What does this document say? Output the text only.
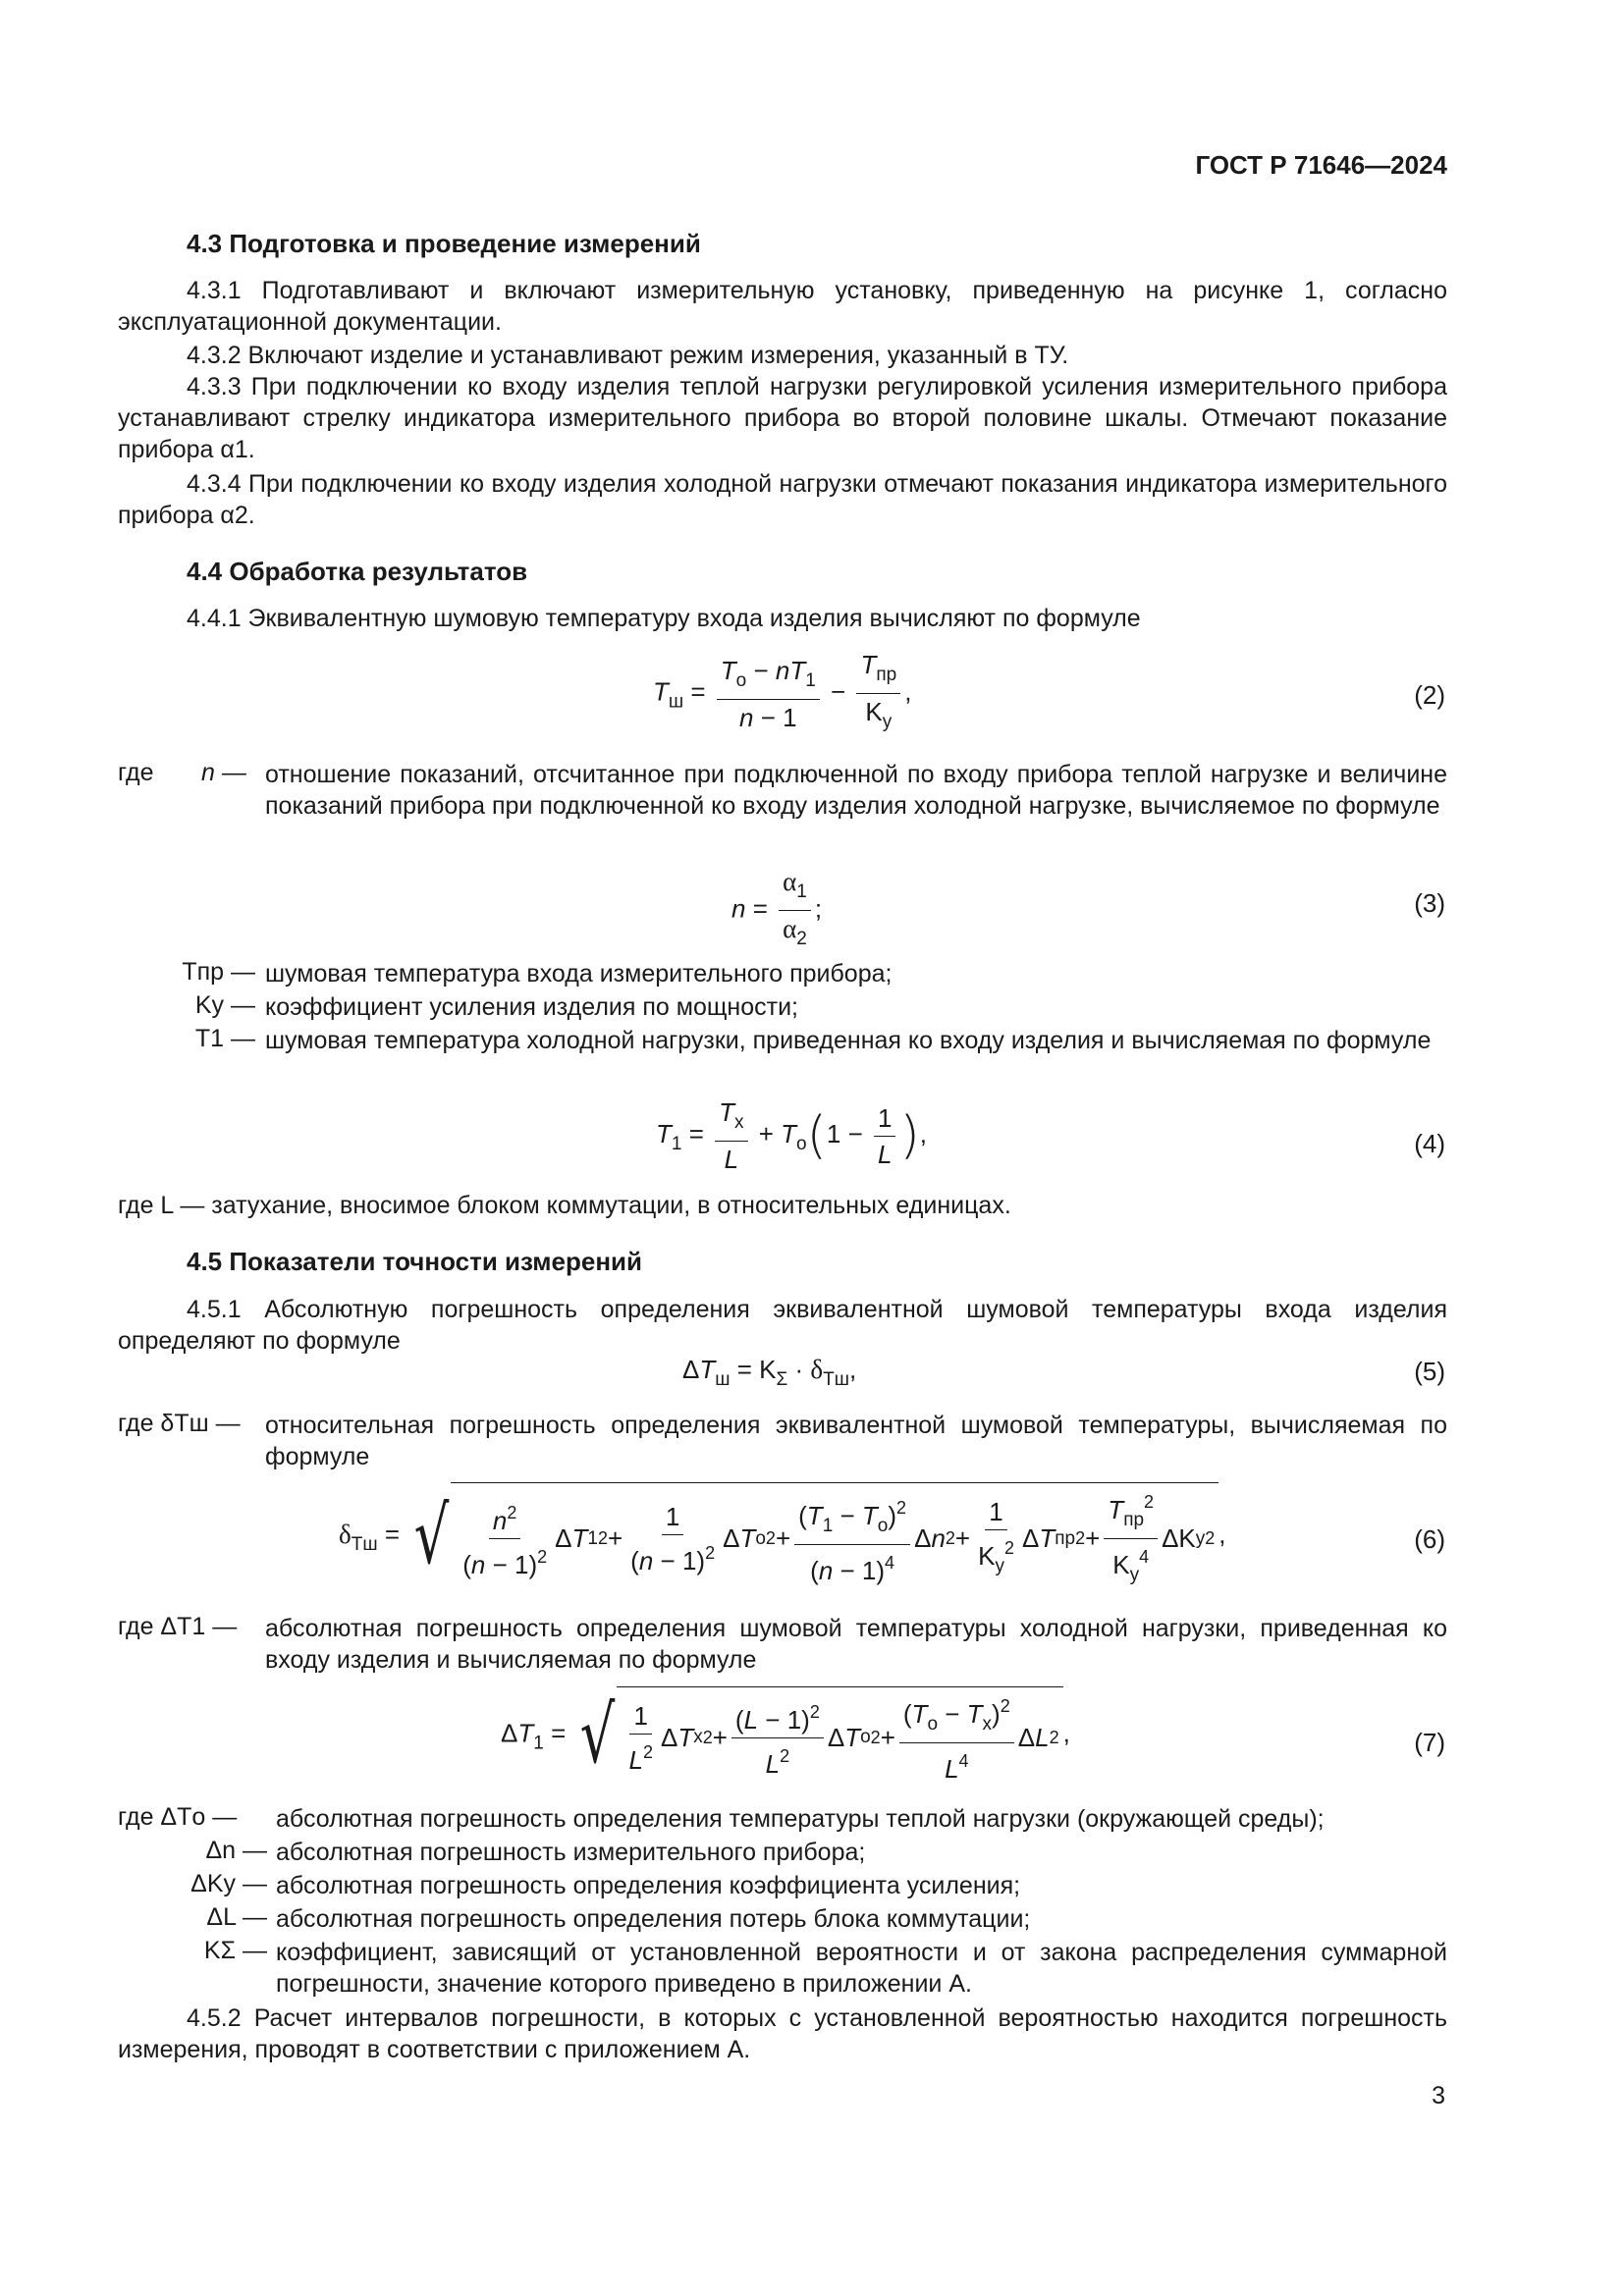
ГОСТ Р 71646—2024
4.3 Подготовка и проведение измерений
4.3.1 Подготавливают и включают измерительную установку, приведенную на рисунке 1, согласно эксплуатационной документации.
4.3.2 Включают изделие и устанавливают режим измерения, указанный в ТУ.
4.3.3 При подключении ко входу изделия теплой нагрузки регулировкой усиления измерительного прибора устанавливают стрелку индикатора измерительного прибора во второй половине шкалы. Отмечают показание прибора α1.
4.3.4 При подключении ко входу изделия холодной нагрузки отмечают показания индикатора измерительного прибора α2.
4.4 Обработка результатов
4.4.1 Эквивалентную шумовую температуру входа изделия вычисляют по формуле
$T_ш = \frac{T_о - nT_1}{n - 1} - \frac{T_{пр}}{K_у}$ ,	(2)
где n — отношение показаний, отсчитанное при подключенной по входу прибора теплой нагрузке и величине показаний прибора при подключенной ко входу изделия холодной нагрузке, вычисляемое по формуле
$n = \frac{\alpha_1}{\alpha_2}$ ;	(3)
Tпр — шумовая температура входа измерительного прибора;
Kу — коэффициент усиления изделия по мощности;
T1 — шумовая температура холодной нагрузки, приведенная ко входу изделия и вычисляемая по формуле
$T_1 = \frac{T_х}{L} + T_о(1 - \frac{1}{L}$ ),	(4)
где L — затухание, вносимое блоком коммутации, в относительных единицах.
4.5 Показатели точности измерений
4.5.1 Абсолютную погрешность определения эквивалентной шумовой температуры входа изделия определяют по формуле
$\Delta T_ш = K_\Sigma \cdot \delta_{Tш}$,	(5)
где δTш — относительная погрешность определения эквивалентной шумовой температуры, вычисляемая по формуле
$\delta_{Tш}$ = √ $\frac{n^2}{(n - 1)^2}$ Δ T 1 $2 + \frac{1}{(n - 1)^2}$ Δ T о $2 + \frac{(T_1 - T_о)^2}{(n - 1)^4}$ Δ n $2 + \frac{1}{K_у^2}$ Δ T пр $2 + \frac{T_{пр}^2}{K_у^4}$ ΔK у 2 ,	(6)
где ΔT1 — абсолютная погрешность определения шумовой температуры холодной нагрузки, приведенная ко входу изделия и вычисляемая по формуле
$\Delta T_1$ = √ $\frac{1}{L^2}$ Δ T х $2 + \frac{(L - 1)^2}{L^2}$ Δ T о $2 + \frac{(T_о - T_х)^2}{L^4}$ Δ L 2 ,	(7)
где ΔTо — абсолютная погрешность определения температуры теплой нагрузки (окружающей среды);
Δn — абсолютная погрешность измерительного прибора;
ΔKу — абсолютная погрешность определения коэффициента усиления;
ΔL — абсолютная погрешность определения потерь блока коммутации;
KΣ — коэффициент, зависящий от установленной вероятности и от закона распределения суммарной погрешности, значение которого приведено в приложении А.
4.5.2 Расчет интервалов погрешности, в которых с установленной вероятностью находится погрешность измерения, проводят в соответствии с приложением А.
3
